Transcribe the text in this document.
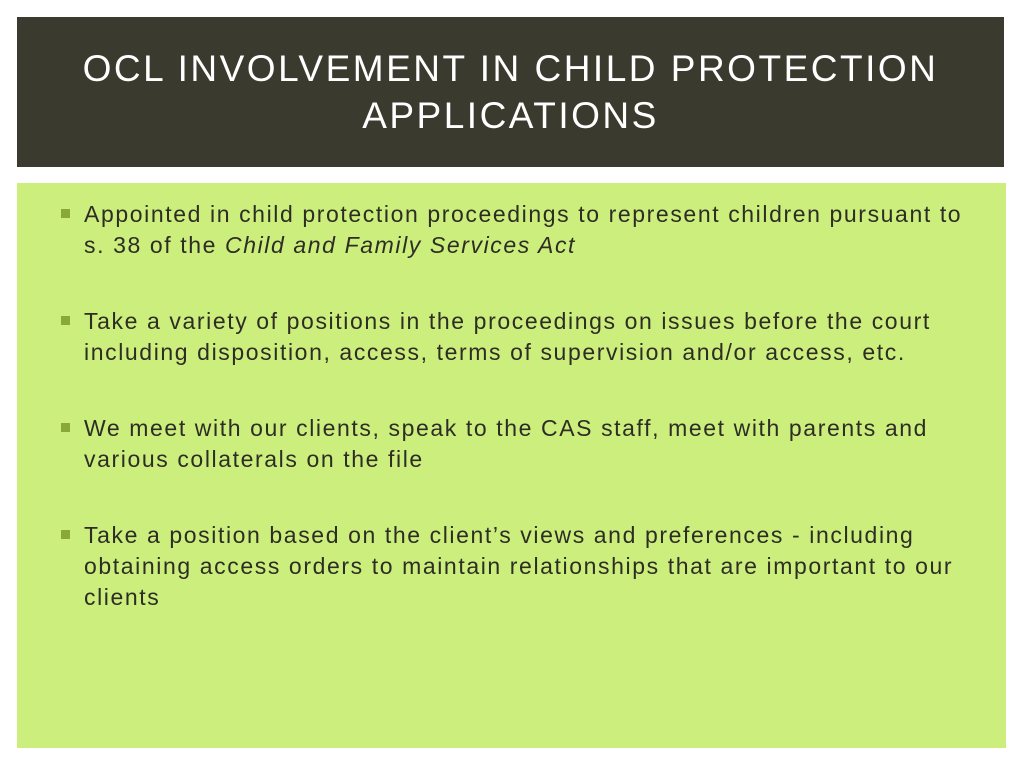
OCL INVOLVEMENT IN CHILD PROTECTION APPLICATIONS
Appointed in child protection proceedings to represent children pursuant to s. 38 of the Child and Family Services Act
Take a variety of positions in the proceedings on issues before the court including disposition, access, terms of supervision and/or access, etc.
We meet with our clients, speak to the CAS staff, meet with parents and various collaterals on the file
Take a position based on the client’s views and preferences - including obtaining access orders to maintain relationships that are important to our clients
